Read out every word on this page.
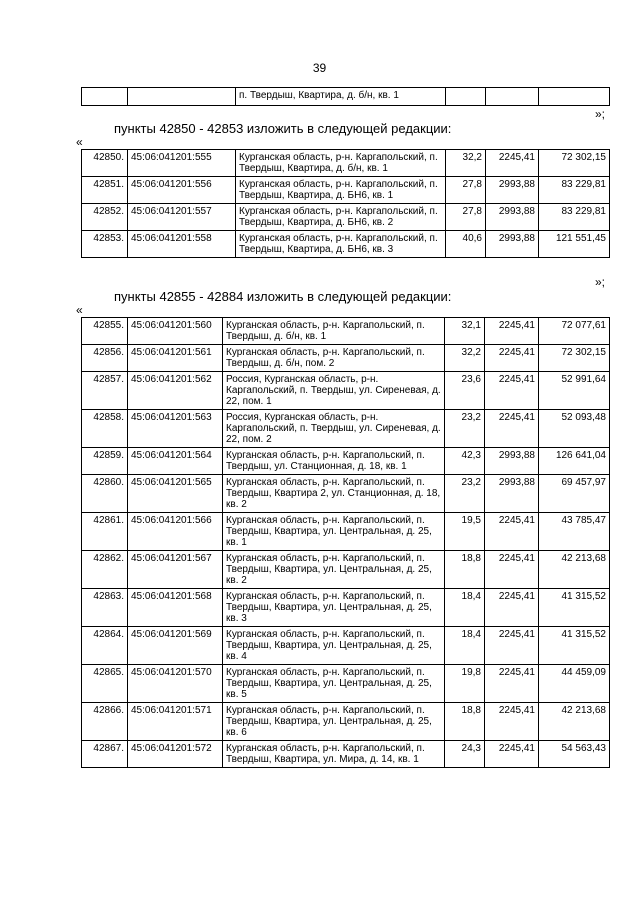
39
		п. Твердыш, Квартира, д. б/н, кв. 1			
»;
пункты 42850 - 42853 изложить в следующей редакции:
«
42850.	45:06:041201:555	Курганская область, р-н. Каргапольский, п. Твердыш, Квартира, д. б/н, кв. 1	32,2	2245,41	72 302,15
42851.	45:06:041201:556	Курганская область, р-н. Каргапольский, п. Твердыш, Квартира, д. БН6, кв. 1	27,8	2993,88	83 229,81
42852.	45:06:041201:557	Курганская область, р-н. Каргапольский, п. Твердыш, Квартира, д. БН6, кв. 2	27,8	2993,88	83 229,81
42853.	45:06:041201:558	Курганская область, р-н. Каргапольский, п. Твердыш, Квартира, д. БН6, кв. 3	40,6	2993,88	121 551,45
»;
пункты 42855 - 42884 изложить в следующей редакции:
«
42855.	45:06:041201:560	Курганская область, р-н. Каргапольский, п. Твердыш, д. б/н, кв. 1	32,1	2245,41	72 077,61
42856.	45:06:041201:561	Курганская область, р-н. Каргапольский, п. Твердыш, д. б/н, пом. 2	32,2	2245,41	72 302,15
42857.	45:06:041201:562	Россия, Курганская область, р-н. Каргапольский, п. Твердыш, ул. Сиреневая, д. 22, пом. 1	23,6	2245,41	52 991,64
42858.	45:06:041201:563	Россия, Курганская область, р-н. Каргапольский, п. Твердыш, ул. Сиреневая, д. 22, пом. 2	23,2	2245,41	52 093,48
42859.	45:06:041201:564	Курганская область, р-н. Каргапольский, п. Твердыш, ул. Станционная, д. 18, кв. 1	42,3	2993,88	126 641,04
42860.	45:06:041201:565	Курганская область, р-н. Каргапольский, п. Твердыш, Квартира 2, ул. Станционная, д. 18, кв. 2	23,2	2993,88	69 457,97
42861.	45:06:041201:566	Курганская область, р-н. Каргапольский, п. Твердыш, Квартира, ул. Центральная, д. 25, кв. 1	19,5	2245,41	43 785,47
42862.	45:06:041201:567	Курганская область, р-н. Каргапольский, п. Твердыш, Квартира, ул. Центральная, д. 25, кв. 2	18,8	2245,41	42 213,68
42863.	45:06:041201:568	Курганская область, р-н. Каргапольский, п. Твердыш, Квартира, ул. Центральная, д. 25, кв. 3	18,4	2245,41	41 315,52
42864.	45:06:041201:569	Курганская область, р-н. Каргапольский, п. Твердыш, Квартира, ул. Центральная, д. 25, кв. 4	18,4	2245,41	41 315,52
42865.	45:06:041201:570	Курганская область, р-н. Каргапольский, п. Твердыш, Квартира, ул. Центральная, д. 25, кв. 5	19,8	2245,41	44 459,09
42866.	45:06:041201:571	Курганская область, р-н. Каргапольский, п. Твердыш, Квартира, ул. Центральная, д. 25, кв. 6	18,8	2245,41	42 213,68
42867.	45:06:041201:572	Курганская область, р-н. Каргапольский, п. Твердыш, Квартира, ул. Мира, д. 14, кв. 1	24,3	2245,41	54 563,43
